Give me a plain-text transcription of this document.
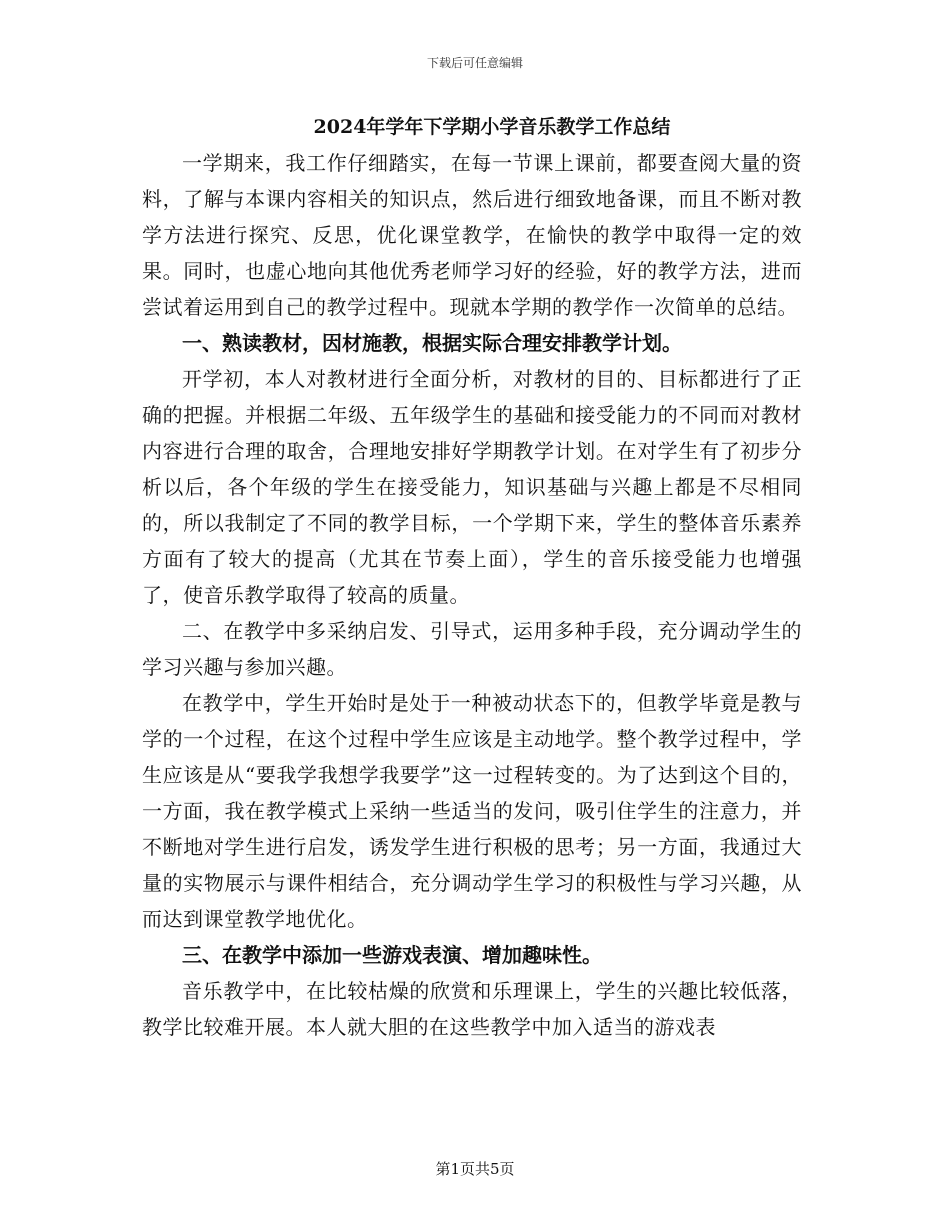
下载后可任意编辑
2024年学年下学期小学音乐教学工作总结

一学期来，我工作仔细踏实，在每一节课上课前，都要查阅大量的资料，了解与本课内容相关的知识点，然后进行细致地备课，而且不断对教学方法进行探究、反思，优化课堂教学，在愉快的教学中取得一定的效果。同时，也虚心地向其他优秀老师学习好的经验，好的教学方法，进而尝试着运用到自己的教学过程中。现就本学期的教学作一次简单的总结。

一、熟读教材，因材施教，根据实际合理安排教学计划。

开学初，本人对教材进行全面分析，对教材的目的、目标都进行了正确的把握。并根据二年级、五年级学生的基础和接受能力的不同而对教材内容进行合理的取舍，合理地安排好学期教学计划。在对学生有了初步分析以后，各个年级的学生在接受能力，知识基础与兴趣上都是不尽相同的，所以我制定了不同的教学目标，一个学期下来，学生的整体音乐素养方面有了较大的提高（尤其在节奏上面），学生的音乐接受能力也增强了，使音乐教学取得了较高的质量。

二、在教学中多采纳启发、引导式，运用多种手段，充分调动学生的学习兴趣与参加兴趣。

在教学中，学生开始时是处于一种被动状态下的，但教学毕竟是教与学的一个过程，在这个过程中学生应该是主动地学。整个教学过程中，学生应该是从“要我学我想学我要学”这一过程转变的。为了达到这个目的，一方面，我在教学模式上采纳一些适当的发问，吸引住学生的注意力，并不断地对学生进行启发，诱发学生进行积极的思考；另一方面，我通过大量的实物展示与课件相结合，充分调动学生学习的积极性与学习兴趣，从而达到课堂教学地优化。

三、在教学中添加一些游戏表演、增加趣味性。

音乐教学中，在比较枯燥的欣赏和乐理课上，学生的兴趣比较低落，教学比较难开展。本人就大胆的在这些教学中加入适当的游戏表

第1页共5页
